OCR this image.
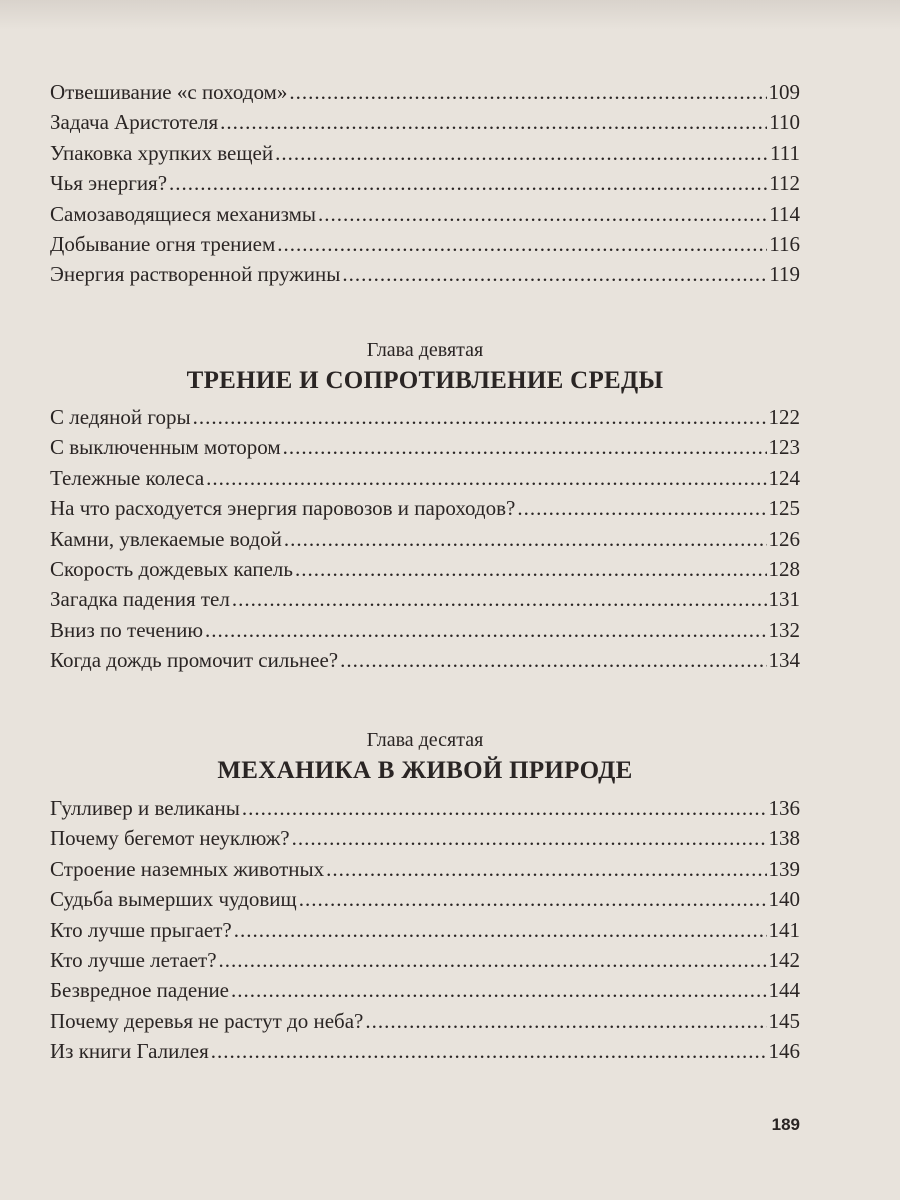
Отвешивание «с походом» .....	109
Задача Аристотеля .....	110
Упаковка хрупких вещей .....	111
Чья энергия? .....	112
Самозаводящиеся механизмы .....	114
Добывание огня трением .....	116
Энергия растворенной пружины .....	119
Глава девятая
ТРЕНИЕ И СОПРОТИВЛЕНИЕ СРЕДЫ
С ледяной горы .....	122
С выключенным мотором .....	123
Тележные колеса .....	124
На что расходуется энергия паровозов и пароходов? .....	125
Камни, увлекаемые водой .....	126
Скорость дождевых капель .....	128
Загадка падения тел .....	131
Вниз по течению .....	132
Когда дождь промочит сильнее? .....	134
Глава десятая
МЕХАНИКА В ЖИВОЙ ПРИРОДЕ
Гулливер и великаны .....	136
Почему бегемот неуклюж? .....	138
Строение наземных животных .....	139
Судьба вымерших чудовищ .....	140
Кто лучше прыгает? .....	141
Кто лучше летает? .....	142
Безвредное падение .....	144
Почему деревья не растут до неба? .....	145
Из книги Галилея .....	146
189
